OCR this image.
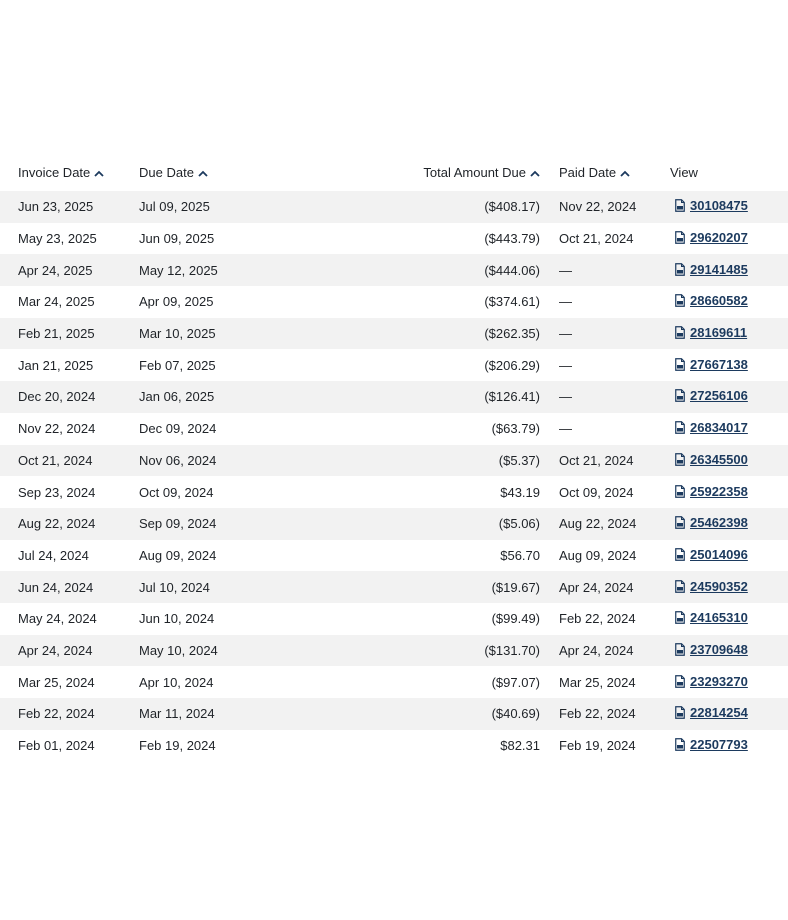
Invoice Date	Due Date	Total Amount Due	Paid Date	View
Jun 23, 2025	Jul 09, 2025	($408.17)	Nov 22, 2024	30108475

May 23, 2025	Jun 09, 2025	($443.79)	Oct 21, 2024	29620207

Apr 24, 2025	May 12, 2025	($444.06)	—	29141485

Mar 24, 2025	Apr 09, 2025	($374.61)	—	28660582

Feb 21, 2025	Mar 10, 2025	($262.35)	—	28169611

Jan 21, 2025	Feb 07, 2025	($206.29)	—	27667138

Dec 20, 2024	Jan 06, 2025	($126.41)	—	27256106

Nov 22, 2024	Dec 09, 2024	($63.79)	—	26834017

Oct 21, 2024	Nov 06, 2024	($5.37)	Oct 21, 2024	26345500

Sep 23, 2024	Oct 09, 2024	$43.19	Oct 09, 2024	25922358

Aug 22, 2024	Sep 09, 2024	($5.06)	Aug 22, 2024	25462398

Jul 24, 2024	Aug 09, 2024	$56.70	Aug 09, 2024	25014096

Jun 24, 2024	Jul 10, 2024	($19.67)	Apr 24, 2024	24590352

May 24, 2024	Jun 10, 2024	($99.49)	Feb 22, 2024	24165310

Apr 24, 2024	May 10, 2024	($131.70)	Apr 24, 2024	23709648

Mar 25, 2024	Apr 10, 2024	($97.07)	Mar 25, 2024	23293270

Feb 22, 2024	Mar 11, 2024	($40.69)	Feb 22, 2024	22814254

Feb 01, 2024	Feb 19, 2024	$82.31	Feb 19, 2024	22507793
